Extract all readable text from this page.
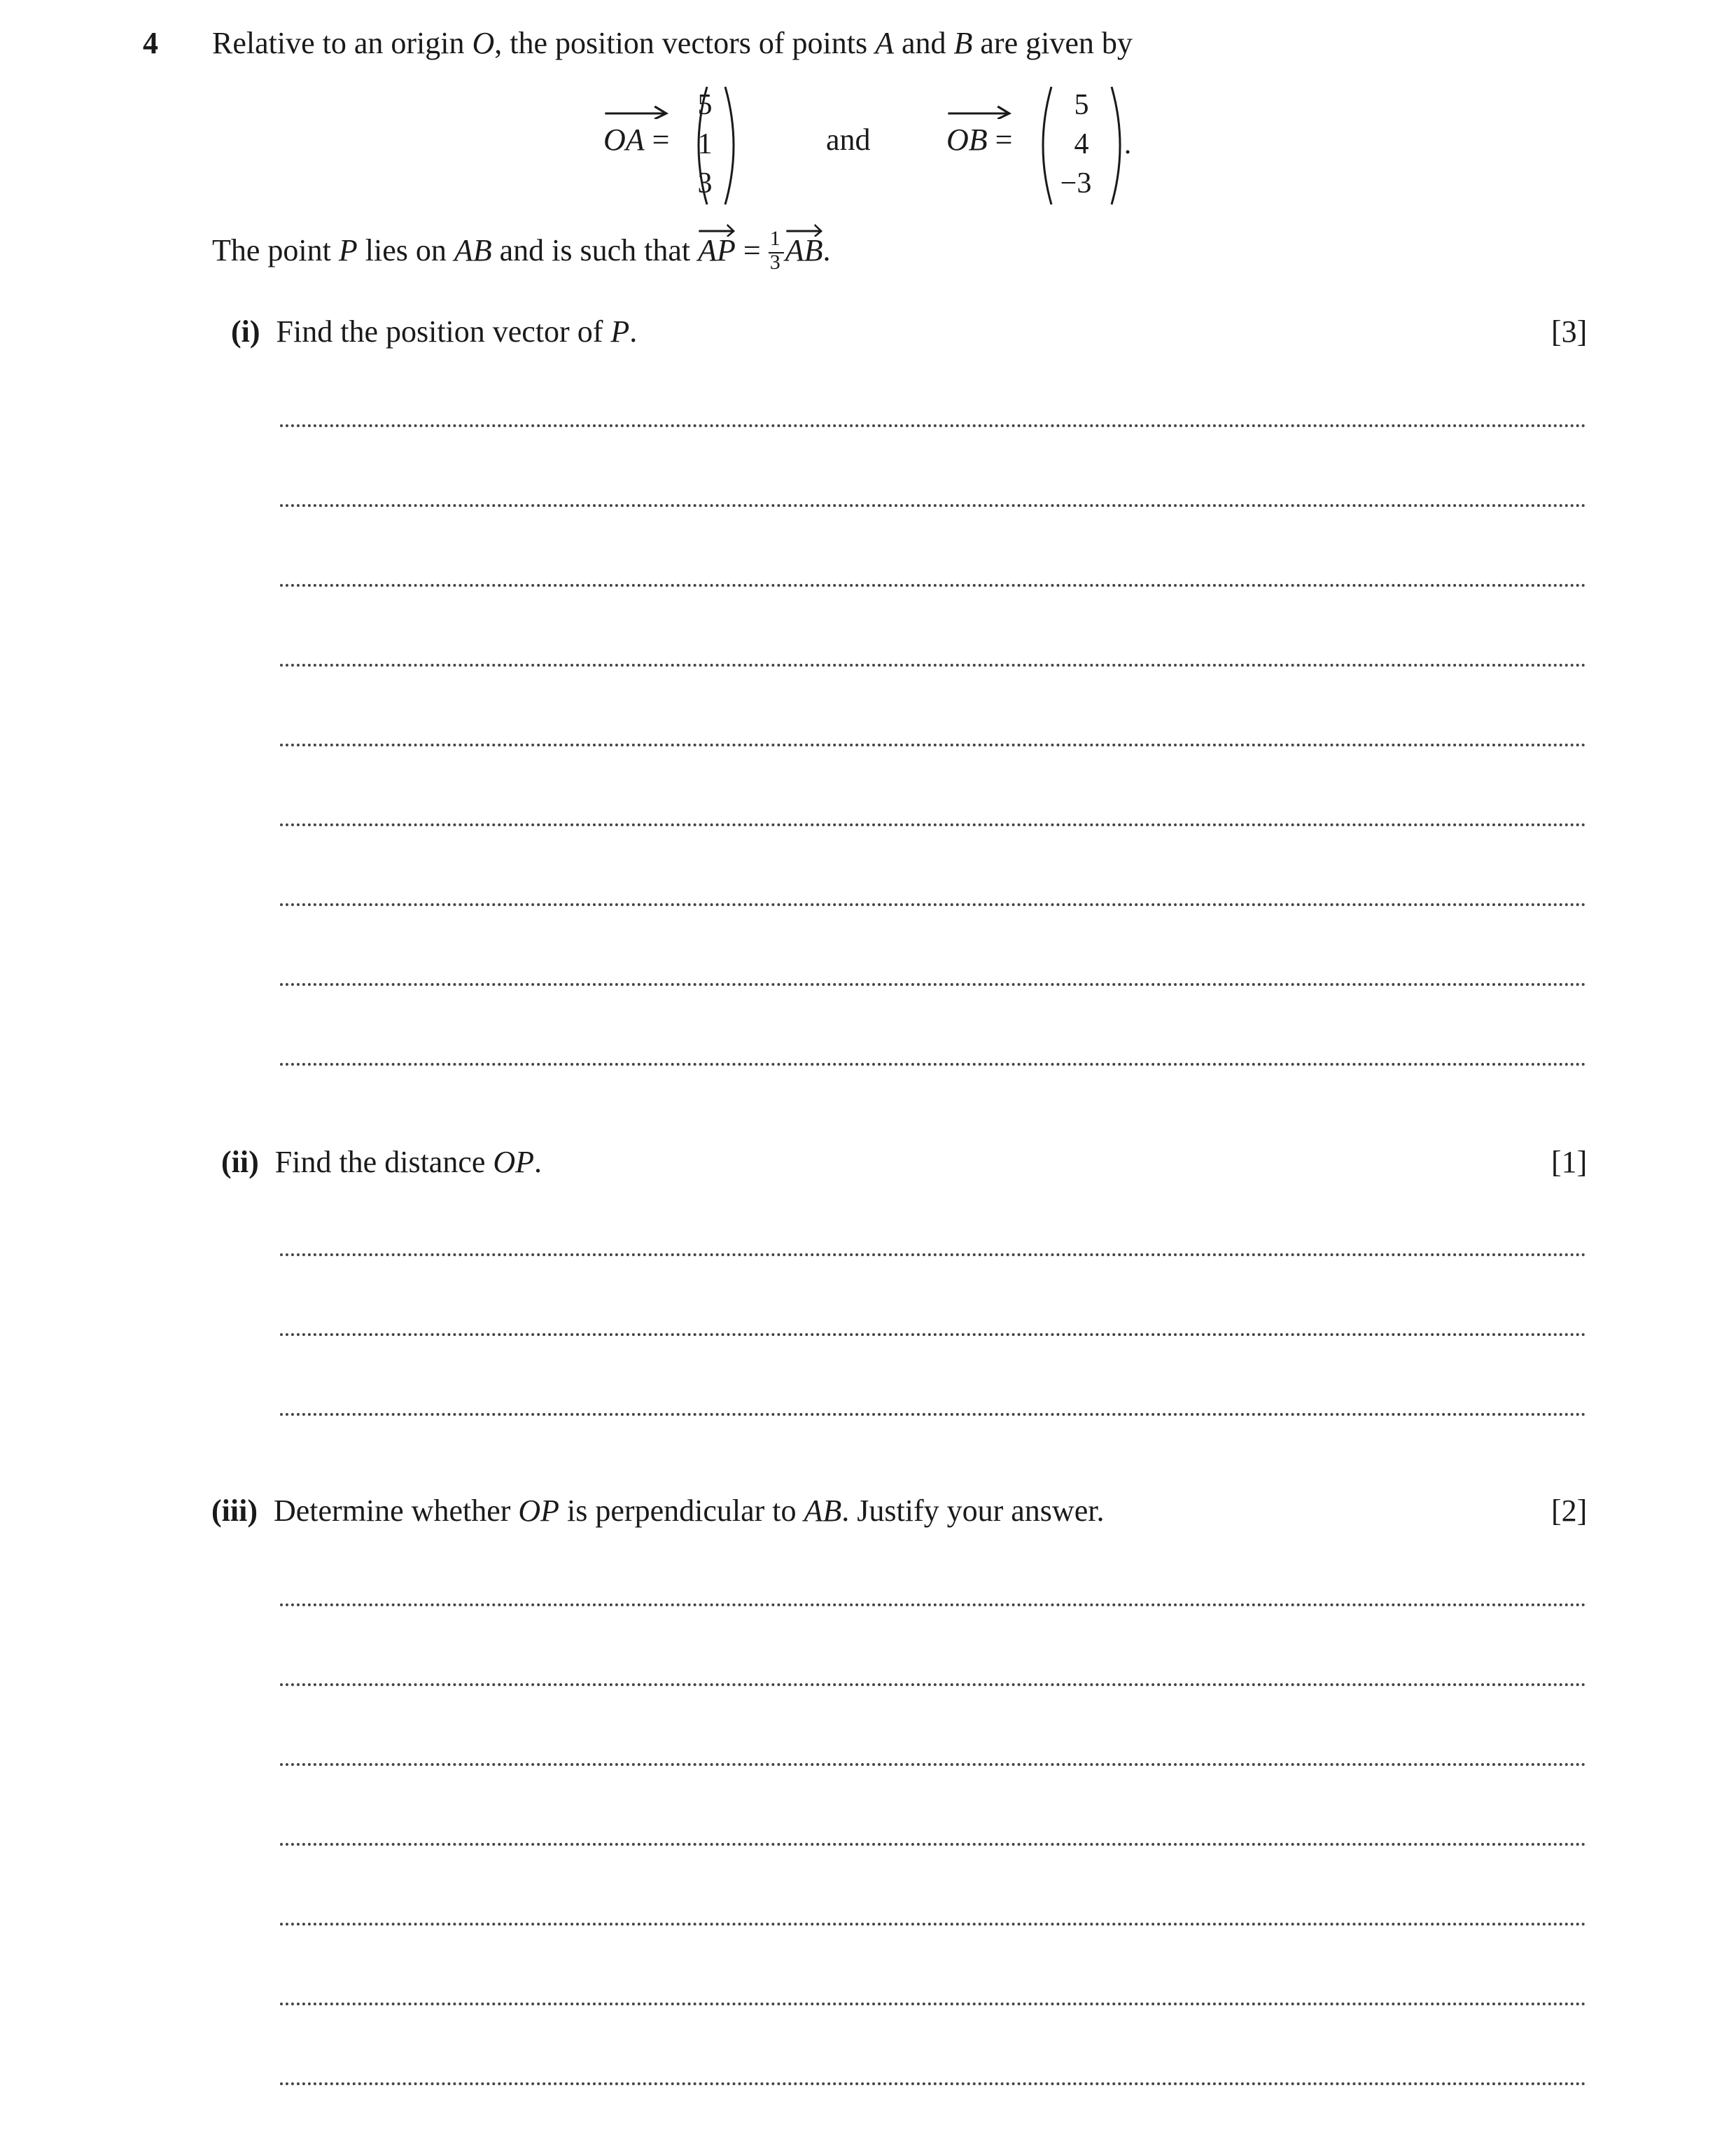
4 Relative to an origin O, the position vectors of points A and B are given by
OA =
5
1
3
and OB =
5
4
−3
.
The point P lies on AB and is such that AP = $\frac{1}{3}$ AB.
(i) Find the position vector of P.	[3]
(ii) Find the distance OP.	[1]
(iii) Determine whether OP is perpendicular to AB. Justify your answer.	[2]
